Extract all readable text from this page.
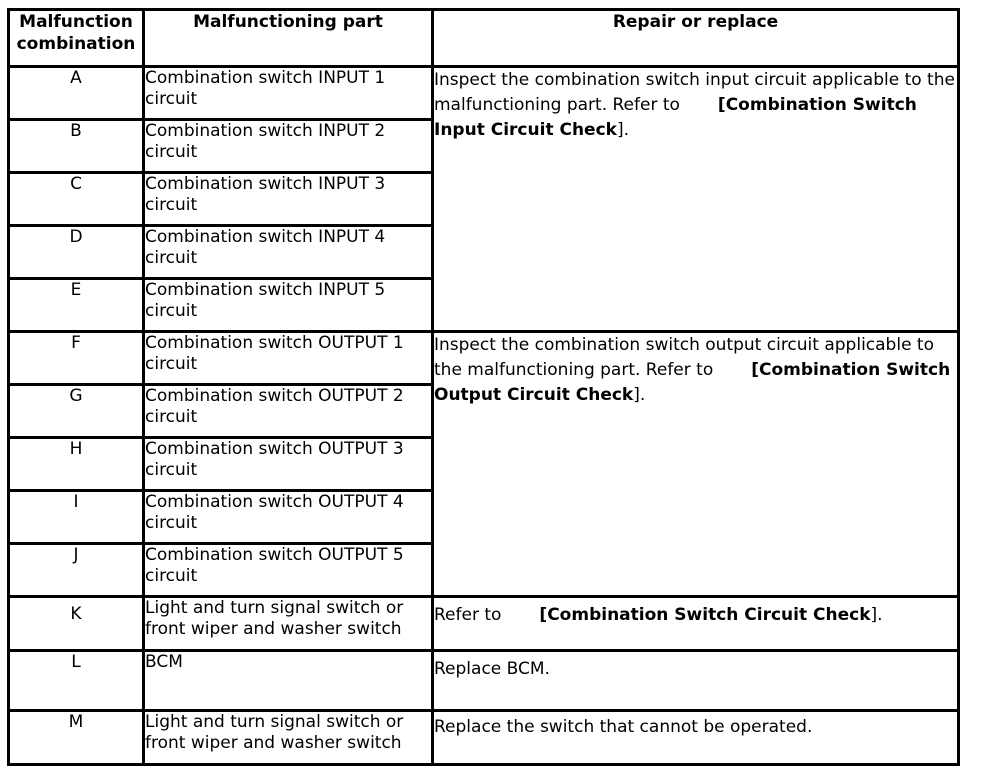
Malfunction combination	Malfunctioning part	Repair or replace
A	Combination switch INPUT 1 circuit	Inspect the combination switch input circuit applicable to the malfunctioning part. Refer to [Combination Switch Input Circuit Check].
B	Combination switch INPUT 2 circuit	
C	Combination switch INPUT 3 circuit	
D	Combination switch INPUT 4 circuit	
E	Combination switch INPUT 5 circuit	
F	Combination switch OUTPUT 1 circuit	Inspect the combination switch output circuit applicable to the malfunctioning part. Refer to [Combination Switch Output Circuit Check].
G	Combination switch OUTPUT 2 circuit	
H	Combination switch OUTPUT 3 circuit	
I	Combination switch OUTPUT 4 circuit	
J	Combination switch OUTPUT 5 circuit	
K	Light and turn signal switch or front wiper and washer switch	Refer to [Combination Switch Circuit Check].
L	BCM	Replace BCM.
M	Light and turn signal switch or front wiper and washer switch	Replace the switch that cannot be operated.
